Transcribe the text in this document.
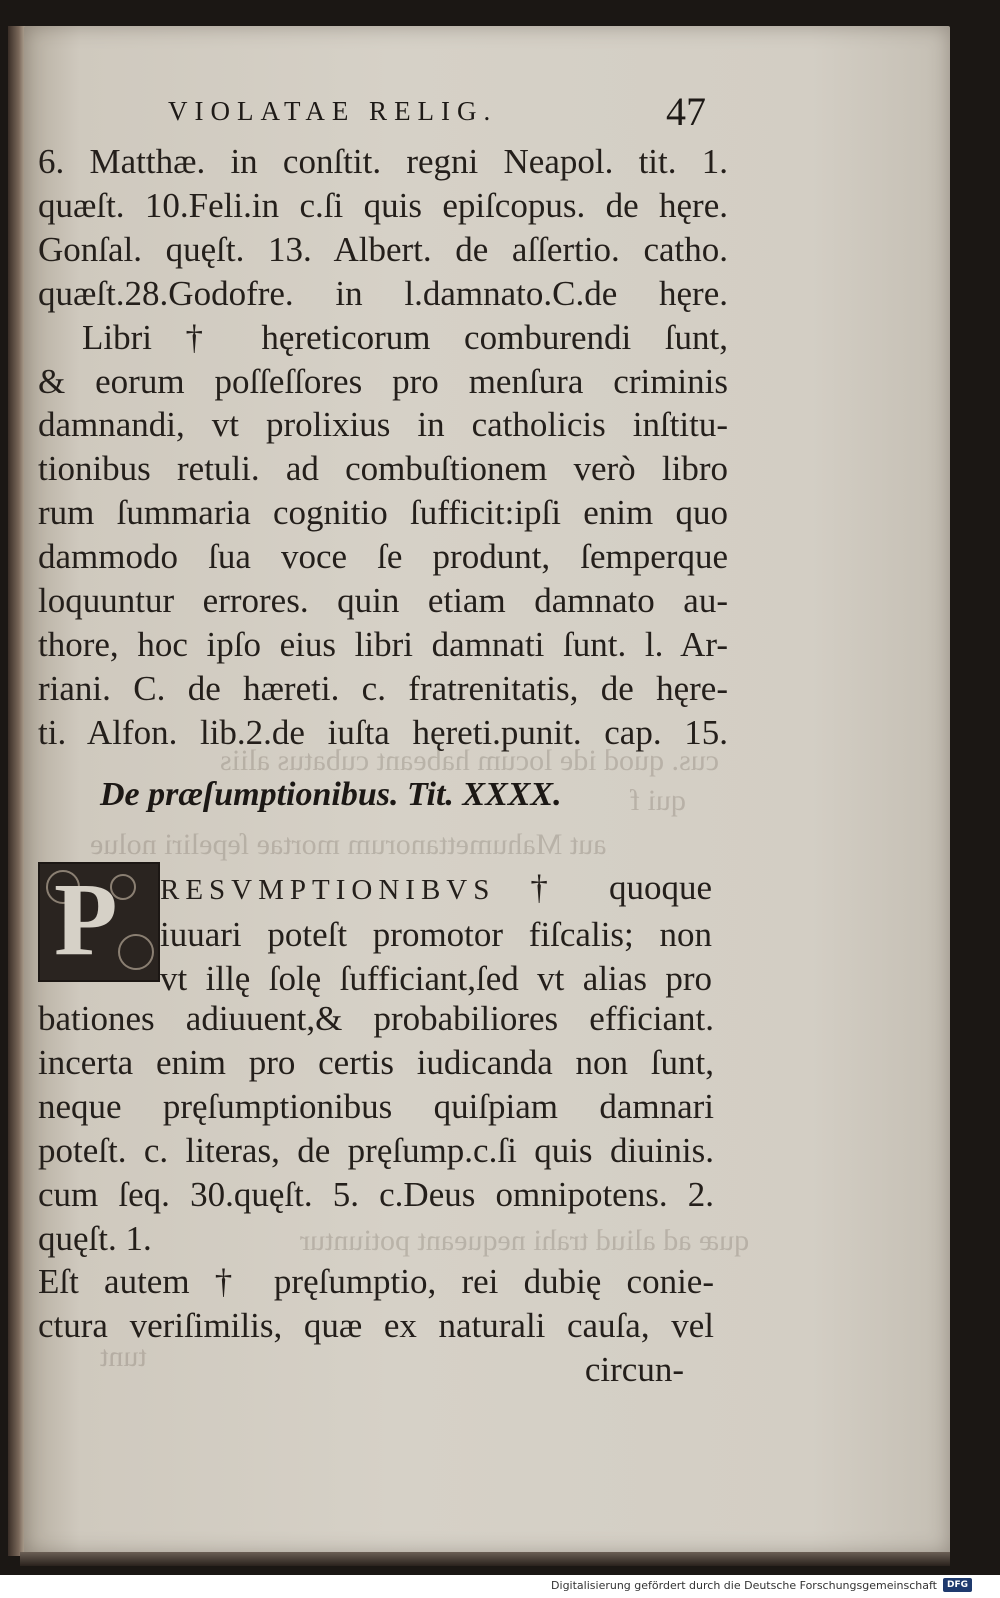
cus. quod ide locum habeant cubatus aliis
qui f
aut Mahumettanorum mortae ſepeliri nolue
quæ ad aliud trahi nequeant potiuntur
tunt
VIOLATAE RELIG.	47
6. Matthæ. in conſtit. regni Neapol. tit. 1.
quæſt. 10.Feli.in c.ſi quis epiſcopus. de hęre.
Gonſal. quęſt. 13. Albert. de aſſertio. catho.
quæſt.28.Godofre. in l.damnato.C.de hęre.
Libri † hęreticorum comburendi ſunt,
& eorum poſſeſſores pro menſura criminis
damnandi, vt prolixius in catholicis inſtitu-
tionibus retuli. ad combuſtionem verò libro
rum ſummaria cognitio ſufficit:ipſi enim quo
dammodo ſua voce ſe produnt, ſemperque
loquuntur errores. quin etiam damnato au-
thore, hoc ipſo eius libri damnati ſunt. l. Ar-
riani. C. de hæreti. c. fratrenitatis, de hęre-
ti. Alfon. lib.2.de iuſta hęreti.punit. cap. 15.
De præſumptionibus. Tit. XXXX.
P RESVMPTIONIBVS † quoque
iuuari poteſt promotor fiſcalis; non
vt illę ſolę ſufficiant,ſed vt alias pro
bationes adiuuent,& probabiliores efficiant.
incerta enim pro certis iudicanda non ſunt,
neque pręſumptionibus quiſpiam damnari
poteſt. c. literas, de pręſump.c.ſi quis diuinis.
cum ſeq. 30.quęſt. 5. c.Deus omnipotens. 2.
quęſt. 1.
Eſt autem † pręſumptio, rei dubię conie-
ctura veriſimilis, quæ ex naturali cauſa, vel
circun-
Digitalisierung gefördert durch die Deutsche Forschungsgemeinschaft	DFG
